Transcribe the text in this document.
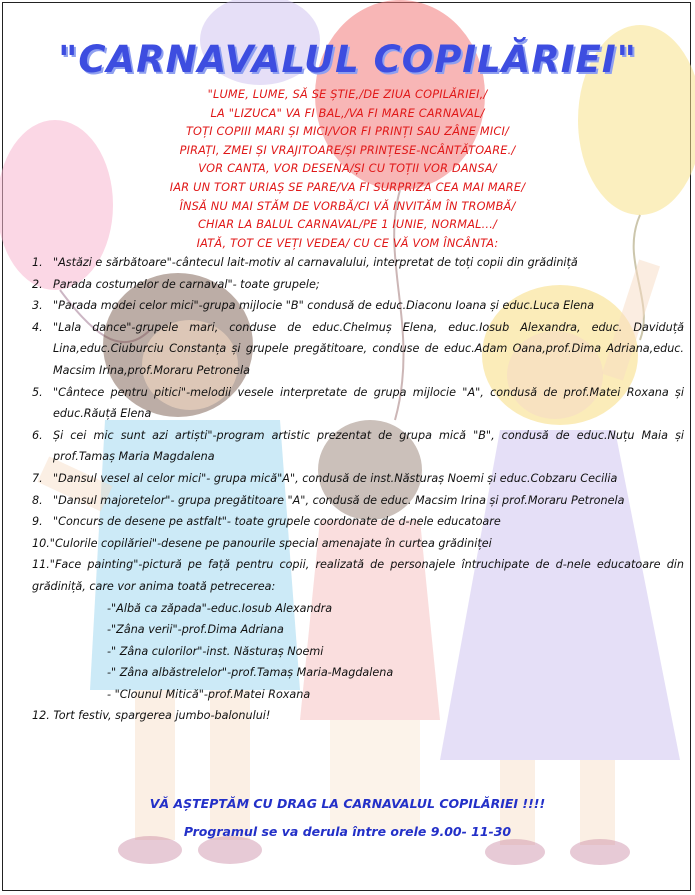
"CARNAVALUL COPILĂRIEI"
"LUME, LUME, SĂ SE ȘTIE,/DE ZIUA COPILĂRIEI,/
LA "LIZUCA" VA FI BAL,/VA FI MARE CARNAVAL/
TOȚI COPIII MARI ȘI MICI/VOR FI PRINȚI SAU ZÂNE MICI/
PIRAȚI, ZMEI ȘI VRAJITOARE/ȘI PRINȚESE-NCÂNTĂTOARE./
VOR CANTA, VOR DESENA/ȘI CU TOȚII VOR DANSA/
IAR UN TORT URIAȘ SE PARE/VA FI SURPRIZA CEA MAI MARE/
ÎNSĂ NU MAI STĂM DE VORBĂ/CI VĂ INVITĂM ÎN TROMBĂ/
CHIAR LA BALUL CARNAVAL/PE 1 IUNIE, NORMAL.../
IATĂ, TOT CE VEȚI VEDEA/ CU CE VĂ VOM ÎNCÂNTA:
1. "Astăzi e sărbătoare"-cântecul lait-motiv al carnavalului, interpretat de toți copii din grădiniță
2. Parada costumelor de carnaval"- toate grupele;
3. "Parada modei celor mici"-grupa mijlocie "B" condusă de educ.Diaconu Ioana și educ.Luca Elena
4. "Lala dance"-grupele mari, conduse de educ.Chelmuș Elena, educ.Iosub Alexandra, educ. Daviduță Lina,educ.Ciuburciu Constanța și grupele pregătitoare, conduse de educ.Adam Oana,prof.Dima Adriana,educ. Macsim Irina,prof.Moraru Petronela
5. "Cântece pentru pitici"-melodii vesele interpretate de grupa mijlocie "A", condusă de prof.Matei Roxana și educ.Răuță Elena
6. Și cei mic sunt azi artiști"-program artistic prezentat de grupa mică "B", condusă de educ.Nuțu Maia și prof.Tamaș Maria Magdalena
7. "Dansul vesel al celor mici"- grupa mică"A", condusă de inst.Năsturaș Noemi și educ.Cobzaru Cecilia
8. "Dansul majoretelor"- grupa pregătitoare "A", condusă de educ. Macsim Irina și prof.Moraru Petronela
9. "Concurs de desene pe astfalt"- toate grupele coordonate de d-nele educatoare
10."Culorile copilăriei"-desene pe panourile special amenajate în curtea grădiniței
11."Face painting"-pictură pe față pentru copii, realizată de personajele întruchipate de d-nele educatoare din grădiniță, care vor anima toată petrecerea:
-"Albă ca zăpada"-educ.Iosub Alexandra
-"Zâna verii"-prof.Dima Adriana
-" Zâna culorilor"-inst. Năsturaș Noemi
-" Zâna albăstrelelor"-prof.Tamaș Maria-Magdalena
- "Clounul Mitică"-prof.Matei Roxana
12. Tort festiv, spargerea jumbo-balonului!
VĂ AȘTEPTĂM CU DRAG LA CARNAVALUL COPILĂRIEI !!!!
Programul se va derula între orele 9.00- 11-30
